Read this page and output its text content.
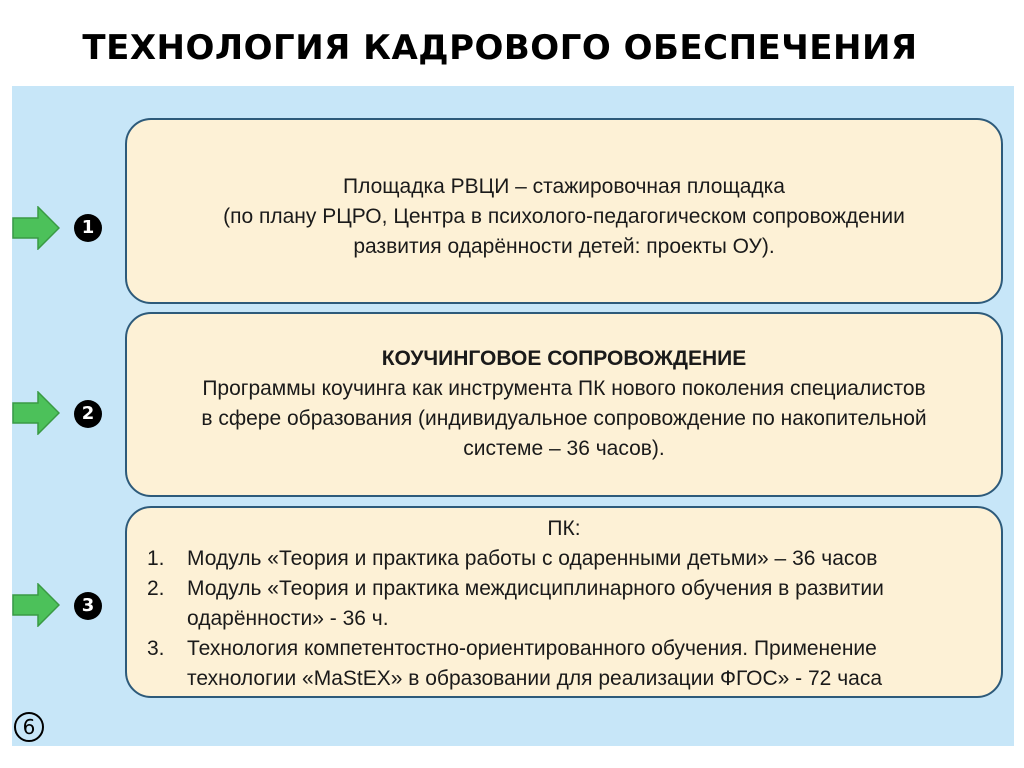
ТЕХНОЛОГИЯ КАДРОВОГО ОБЕСПЕЧЕНИЯ
1
Площадка РВЦИ – стажировочная площадка
(по плану РЦРО, Центра в психолого-педагогическом сопровождении
развития одарённости детей: проекты ОУ).
2
КОУЧИНГОВОЕ СОПРОВОЖДЕНИЕ
Программы коучинга как инструмента ПК нового поколения специалистов
в сфере образования (индивидуальное сопровождение по накопительной
системе – 36 часов).
3
ПК:
1. Модуль «Теория и практика работы с одаренными детьми» – 36 часов
2. Модуль «Теория и практика междисциплинарного обучения в развитии
одарённости» - 36 ч.
3. Технология компетентостно-ориентированного обучения. Применение
технологии «MaStEX» в образовании для реализации ФГОС» - 72 часа
6
